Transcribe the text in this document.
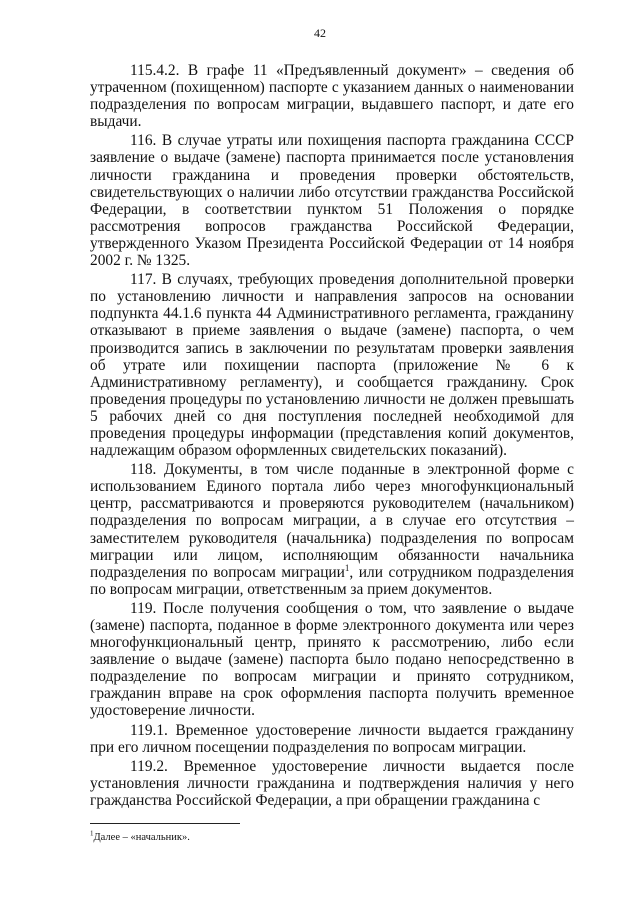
42

115.4.2. В графе 11 «Предъявленный документ» – сведения об утраченном (похищенном) паспорте с указанием данных о наименовании подразделения по вопросам миграции, выдавшего паспорт, и дате его выдачи.

116. В случае утраты или похищения паспорта гражданина СССР заявление о выдаче (замене) паспорта принимается после установления личности гражданина и проведения проверки обстоятельств, свидетельствующих о наличии либо отсутствии гражданства Российской Федерации, в соответствии пунктом 51 Положения о порядке рассмотрения вопросов гражданства Российской Федерации, утвержденного Указом Президента Российской Федерации от 14 ноября 2002 г. № 1325.

117. В случаях, требующих проведения дополнительной проверки по установлению личности и направления запросов на основании подпункта 44.1.6 пункта 44 Административного регламента, гражданину отказывают в приеме заявления о выдаче (замене) паспорта, о чем производится запись в заключении по результатам проверки заявления об утрате или похищении паспорта (приложение № 6 к Административному регламенту), и сообщается гражданину. Срок проведения процедуры по установлению личности не должен превышать 5 рабочих дней со дня поступления последней необходимой для проведения процедуры информации (представления копий документов, надлежащим образом оформленных свидетельских показаний).

118. Документы, в том числе поданные в электронной форме с использованием Единого портала либо через многофункциональный центр, рассматриваются и проверяются руководителем (начальником) подразделения по вопросам миграции, а в случае его отсутствия – заместителем руководителя (начальника) подразделения по вопросам миграции или лицом, исполняющим обязанности начальника подразделения по вопросам миграции$^1$, или сотрудником подразделения по вопросам миграции, ответственным за прием документов.

119. После получения сообщения о том, что заявление о выдаче (замене) паспорта, поданное в форме электронного документа или через многофункциональный центр, принято к рассмотрению, либо если заявление о выдаче (замене) паспорта было подано непосредственно в подразделение по вопросам миграции и принято сотрудником, гражданин вправе на срок оформления паспорта получить временное удостоверение личности.

119.1. Временное удостоверение личности выдается гражданину при его личном посещении подразделения по вопросам миграции.

119.2. Временное удостоверение личности выдается после установления личности гражданина и подтверждения наличия у него гражданства Российской Федерации, а при обращении гражданина с

$^1$Далее – «начальник».
